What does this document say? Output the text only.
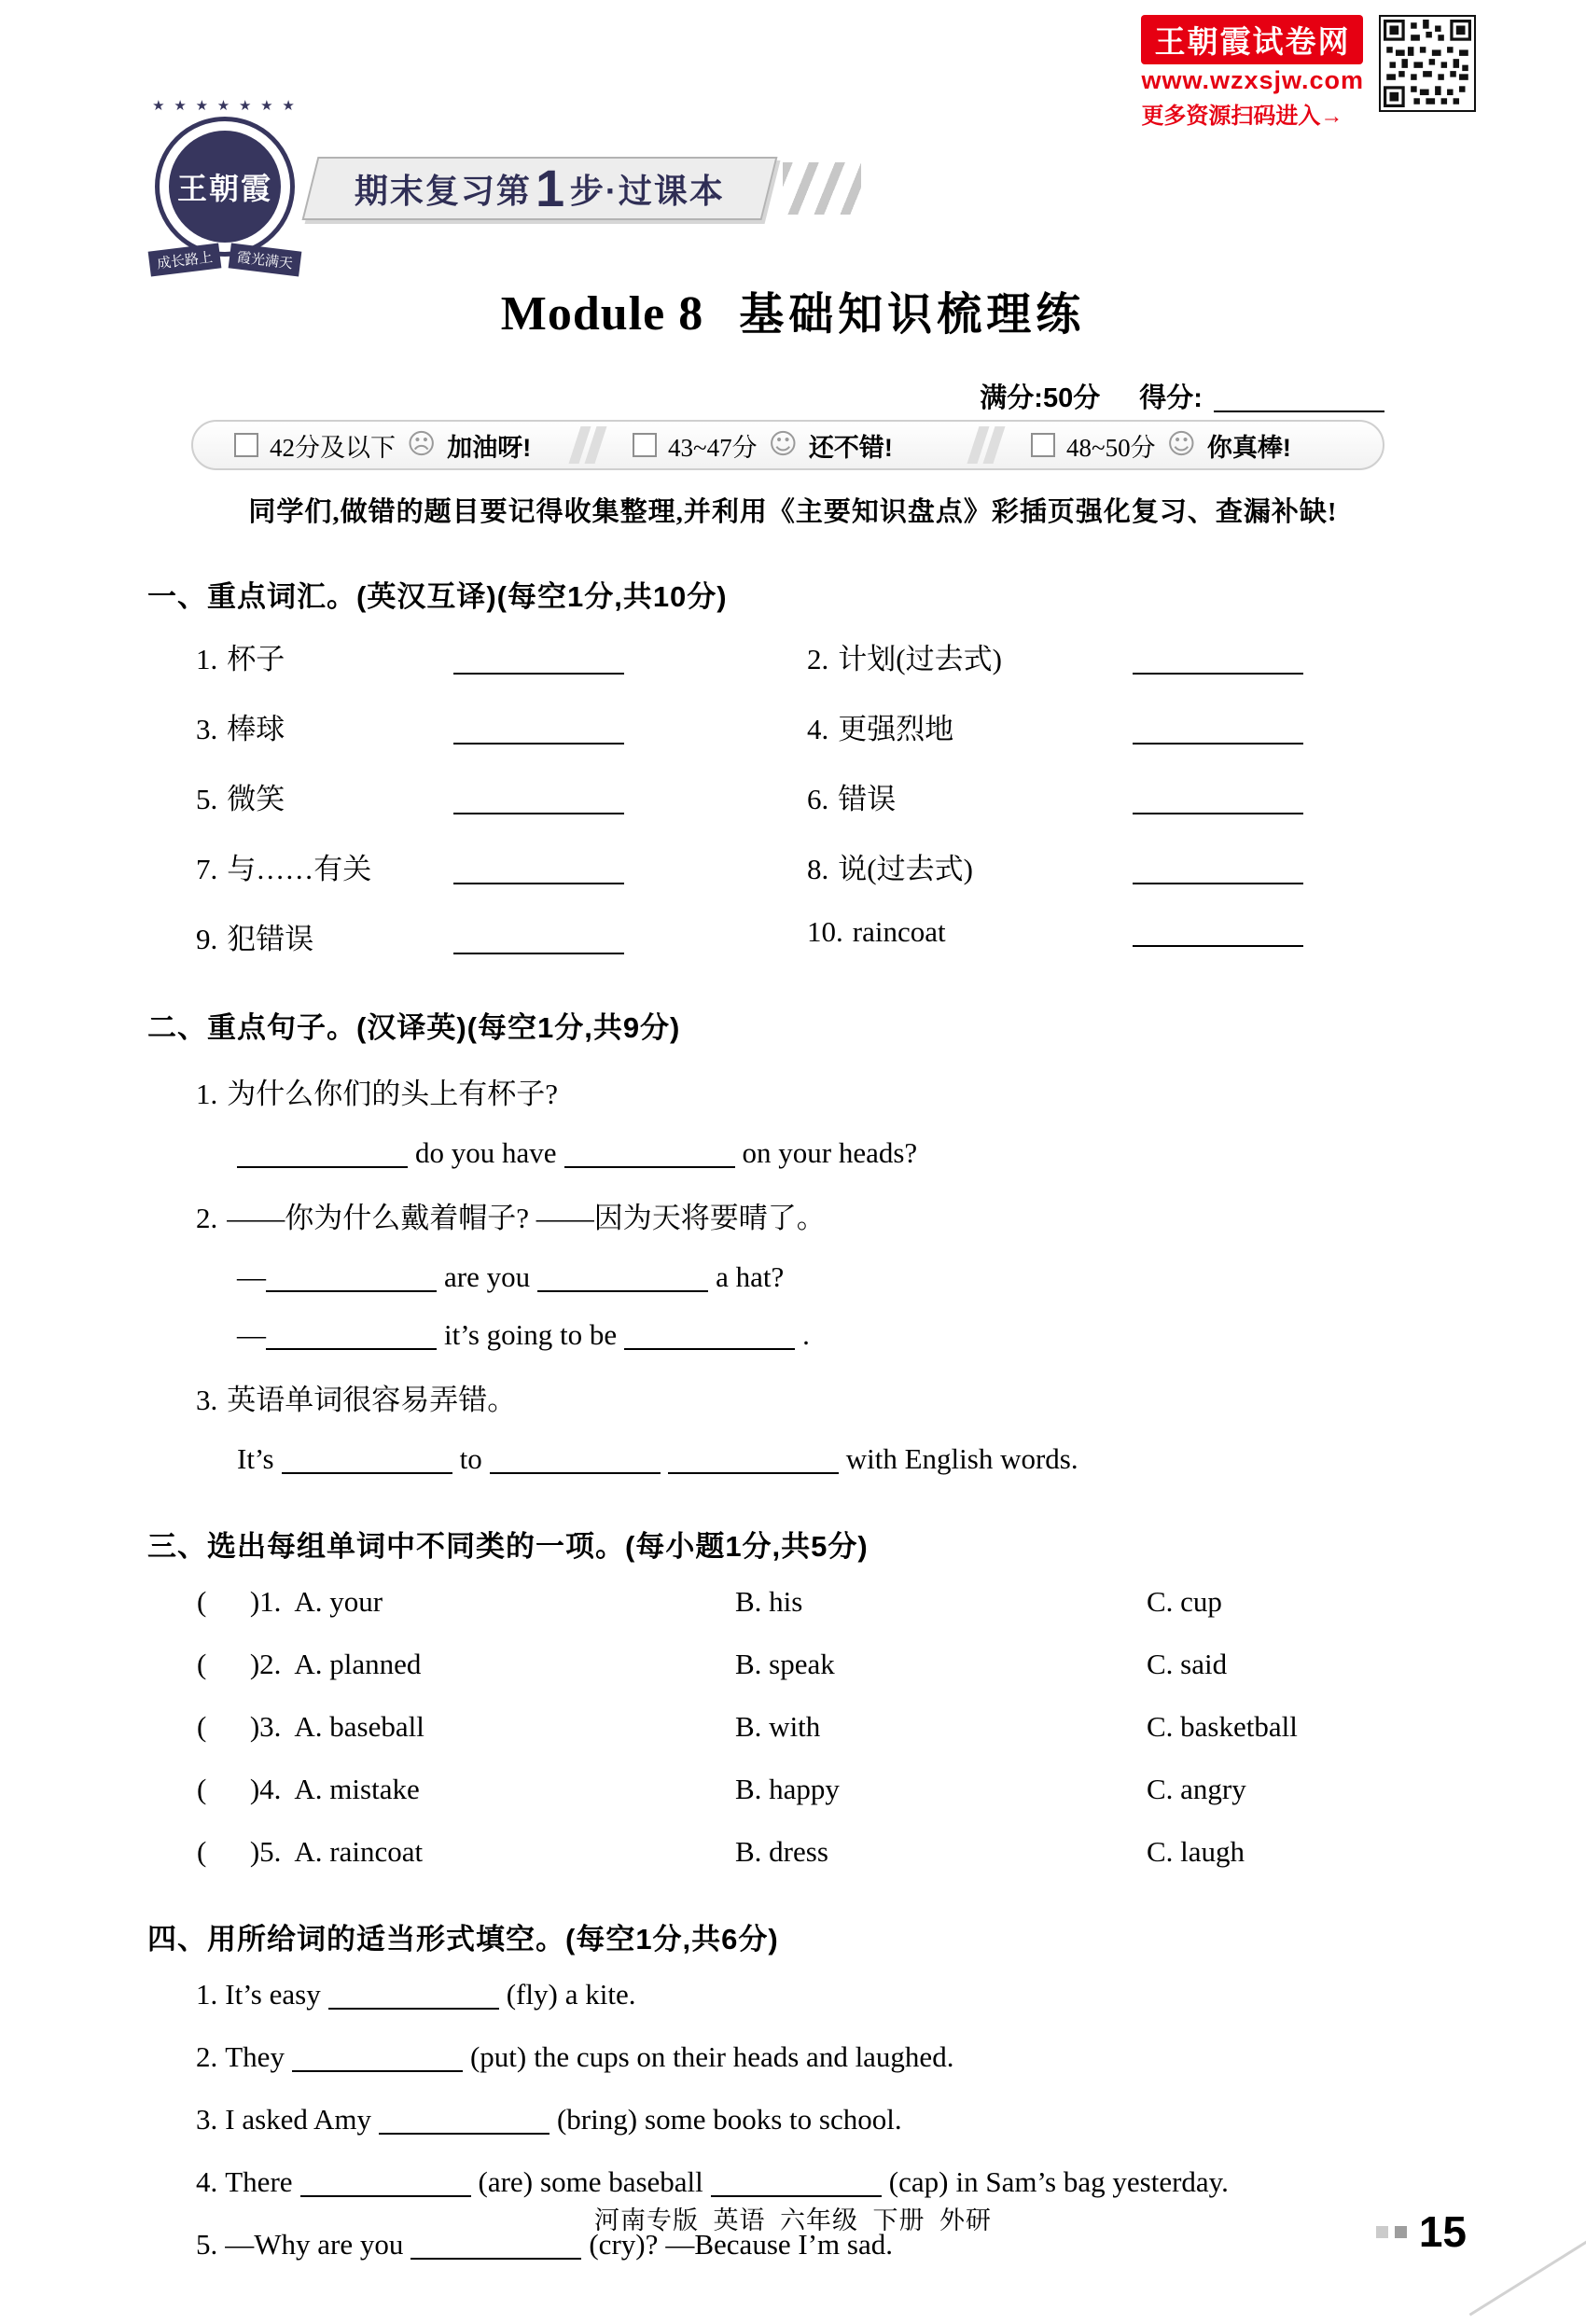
王朝霞试卷网
www.wzxsjw.com
更多资源扫码进入→
★ ★ ★ ★ ★ ★ ★
王朝霞
成长路上	霞光满天
期末复习第 1 步·过课本
Module 8 基础知识梳理练
满分:50分 得分:
42分及以下 ☹ 加油呀!	43~47分 ☺ 还不错!	48~50分 ☺ 你真棒!
同学们,做错的题目要记得收集整理,并利用《主要知识盘点》彩插页强化复习、查漏补缺!
一、重点词汇。(英汉互译)(每空1分,共10分)
1. 杯子	2. 计划(过去式)
3. 棒球	4. 更强烈地
5. 微笑	6. 错误
7. 与……有关	8. 说(过去式)
9. 犯错误	10. raincoat
二、重点句子。(汉译英)(每空1分,共9分)
1. 为什么你们的头上有杯子?
do you have	on your heads?
2. ——你为什么戴着帽子? ——因为天将要晴了。
—	are you	a hat?
—	it’s going to be	.
3. 英语单词很容易弄错。
It’s	to	with English words.
三、选出每组单词中不同类的一项。(每小题1分,共5分)
(      )1. A. your	B. his	C. cup
(      )2. A. planned	B. speak	C. said
(      )3. A. baseball	B. with	C. basketball
(      )4. A. mistake	B. happy	C. angry
(      )5. A. raincoat	B. dress	C. laugh
四、用所给词的适当形式填空。(每空1分,共6分)
1. It’s easy	(fly) a kite.
2. They	(put) the cups on their heads and laughed.
3. I asked Amy	(bring) some books to school.
4. There	(are) some baseball	(cap) in Sam’s bag yesterday.
5. —Why are you	(cry)? —Because I’m sad.
河南专版  英语  六年级  下册  外研	15
